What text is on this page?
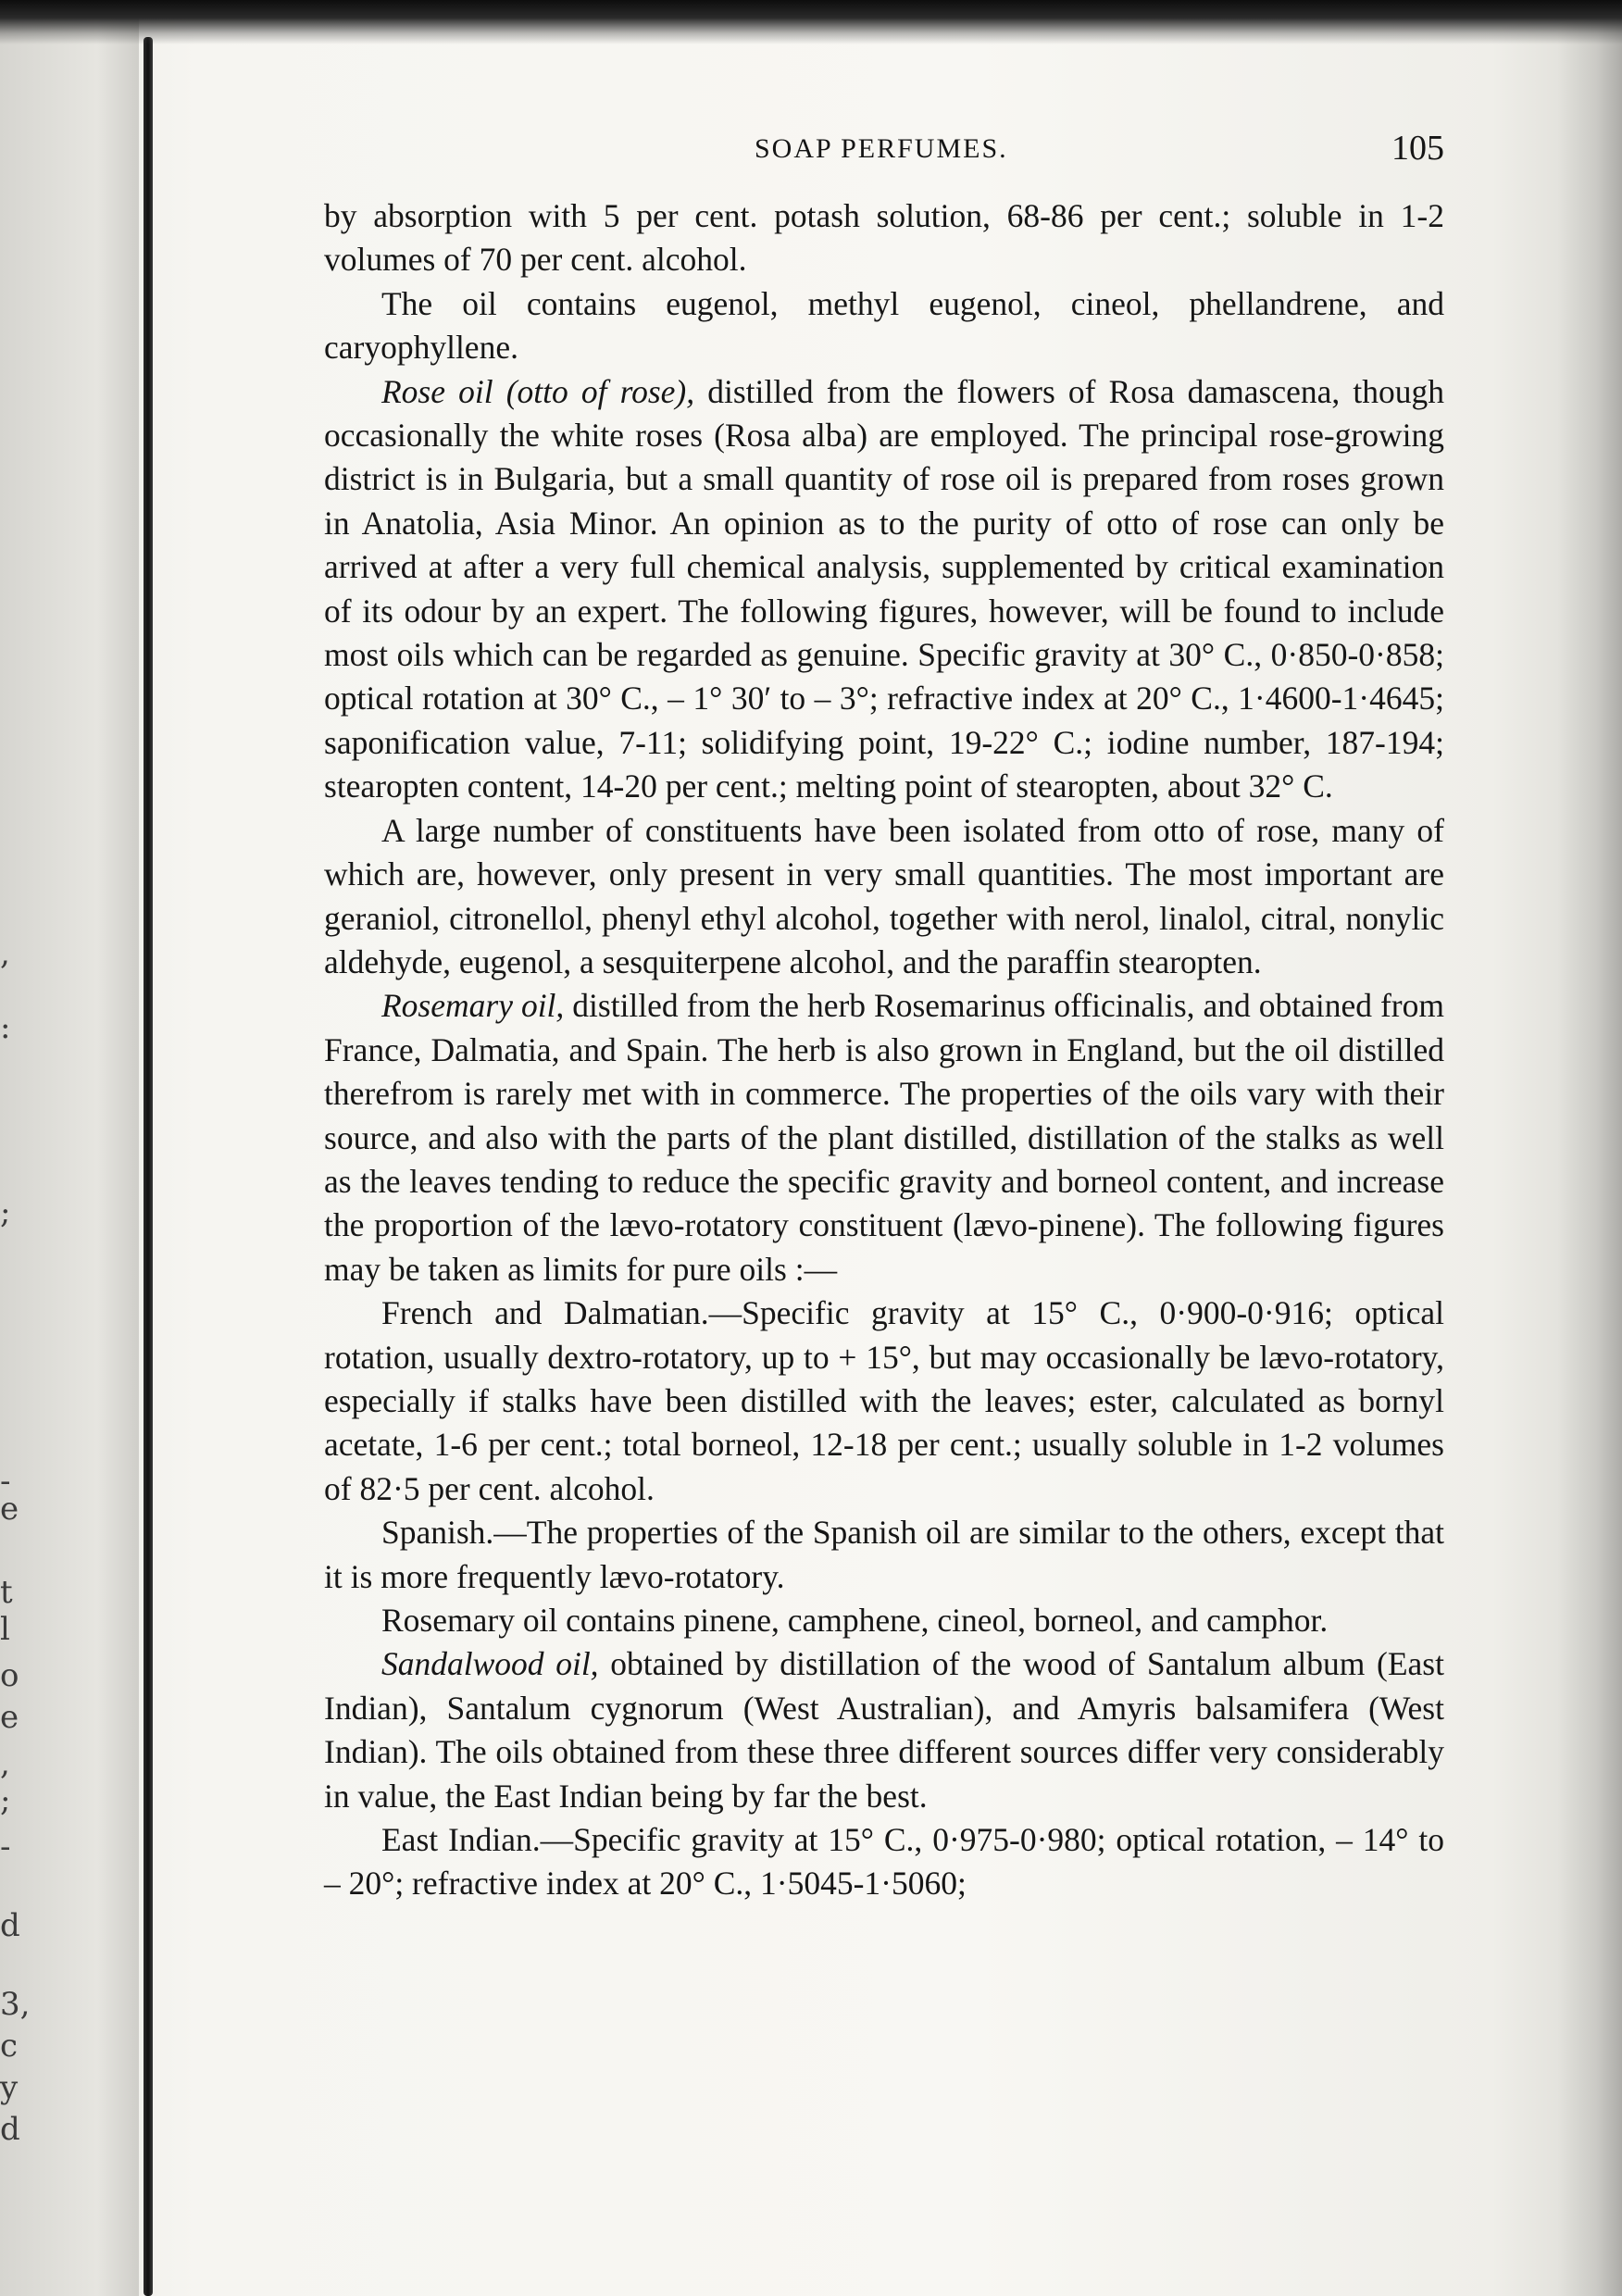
,
:
;
-
e
t
l
o
e
,
;
-
d
3,
c
y
d
SOAP PERFUMES.	105

by absorption with 5 per cent. potash solution, 68-86 per cent.; soluble in 1-2 volumes of 70 per cent. alcohol.

The oil contains eugenol, methyl eugenol, cineol, phellandrene, and caryophyllene.

Rose oil (otto of rose), distilled from the flowers of Rosa damascena, though occasionally the white roses (Rosa alba) are employed. The principal rose-growing district is in Bulgaria, but a small quantity of rose oil is prepared from roses grown in Anatolia, Asia Minor. An opinion as to the purity of otto of rose can only be arrived at after a very full chemical analysis, supplemented by critical examination of its odour by an expert. The following figures, however, will be found to include most oils which can be regarded as genuine. Specific gravity at 30° C., 0·850-0·858; optical rotation at 30° C., – 1° 30′ to – 3°; refractive index at 20° C., 1·4600-1·4645; saponification value, 7-11; solidifying point, 19-22° C.; iodine number, 187-194; stearopten content, 14-20 per cent.; melting point of stearopten, about 32° C.

A large number of constituents have been isolated from otto of rose, many of which are, however, only present in very small quantities. The most important are geraniol, citronellol, phenyl ethyl alcohol, together with nerol, linalol, citral, nonylic aldehyde, eugenol, a sesquiterpene alcohol, and the paraffin stearopten.

Rosemary oil, distilled from the herb Rosemarinus officinalis, and obtained from France, Dalmatia, and Spain. The herb is also grown in England, but the oil distilled therefrom is rarely met with in commerce. The properties of the oils vary with their source, and also with the parts of the plant distilled, distillation of the stalks as well as the leaves tending to reduce the specific gravity and borneol content, and increase the proportion of the lævo-rotatory constituent (lævo-pinene). The following figures may be taken as limits for pure oils :—

French and Dalmatian.—Specific gravity at 15° C., 0·900-0·916; optical rotation, usually dextro-rotatory, up to + 15°, but may occasionally be lævo-rotatory, especially if stalks have been distilled with the leaves; ester, calculated as bornyl acetate, 1-6 per cent.; total borneol, 12-18 per cent.; usually soluble in 1-2 volumes of 82·5 per cent. alcohol.

Spanish.—The properties of the Spanish oil are similar to the others, except that it is more frequently lævo-rotatory.

Rosemary oil contains pinene, camphene, cineol, borneol, and camphor.

Sandalwood oil, obtained by distillation of the wood of Santalum album (East Indian), Santalum cygnorum (West Australian), and Amyris balsamifera (West Indian). The oils obtained from these three different sources differ very considerably in value, the East Indian being by far the best.

East Indian.—Specific gravity at 15° C., 0·975-0·980; optical rotation, – 14° to – 20°; refractive index at 20° C., 1·5045-1·5060;
